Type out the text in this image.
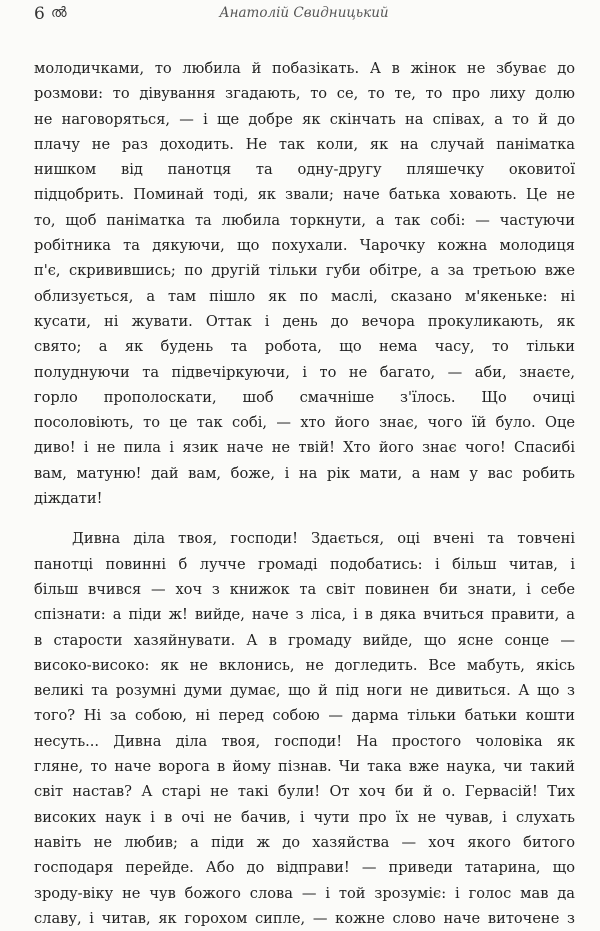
6 ൽ	Анатолій Свидницький
молодичками, то любила й побазікать. А в жінок не збуває до
розмови: то дівування згадають, то се, то те, то про лиху долю
не наговоряться, — і ще добре як скінчать на співах, а то й до
плачу не раз доходить. Не так коли, як на случай паніматка
нишком від панотця та одну-другу пляшечку оковитої
підцобрить. Поминай тоді, як звали; наче батька ховають. Це не
то, щоб паніматка та любила торкнути, а так собі: — частуючи
робітника та дякуючи, що похухали. Чарочку кожна молодиця
п'є, скривившись; по другій тільки губи обітре, а за третьою вже
облизується, а там пішло як по маслі, сказано м'якеньке: ні
кусати, ні жувати. Оттак і день до вечора прокуликають, як
свято; а як будень та робота, що нема часу, то тільки
полуднуючи та підвечіркуючи, і то не багато, — аби, знаєте,
горло прополоскати, шоб смачніше з'їлось. Що очиці
посоловіють, то це так собі, — хто його знає, чого їй було. Оце
диво! і не пила і язик наче не твій! Хто його знає чого! Спасибі
вам, матуню! дай вам, боже, і на рік мати, а нам у вас робить
діждати!
Дивна діла твоя, господи! Здається, оці вчені та товчені
панотці повинні б лучче громаді подобатись: і більш читав, і
більш вчився — хоч з книжок та світ повинен би знати, і себе
спізнати: а піди ж! вийде, наче з ліса, і в дяка вчиться правити, а
в старости хазяйнувати. А в громаду вийде, що ясне сонце —
високо-високо: як не вклонись, не догледить. Все мабуть, якісь
великі та розумні думи думає, що й під ноги не дивиться. А що з
того? Ні за собою, ні перед собою — дарма тільки батьки кошти
несуть... Дивна діла твоя, господи! На простого чоловіка як
гляне, то наче ворога в йому пізнав. Чи така вже наука, чи такий
світ настав? А старі не такі були! От хоч би й о. Гервасій! Тих
високих наук і в очі не бачив, і чути про їх не чував, і слухать
навіть не любив; а піди ж до хазяйства — хоч якого битого
господаря перейде. Або до відправи! — приведи татарина, що
зроду-віку не чув божого слова — і той зрозуміє: і голос мав да
славу, і читав, як горохом сипле, — кожне слово наче виточене з
